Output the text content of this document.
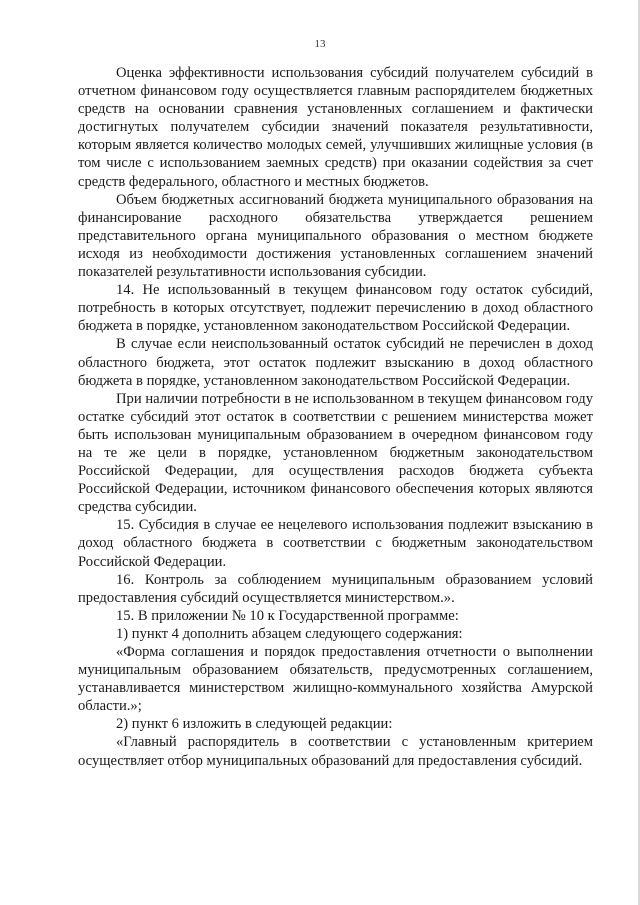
13

Оценка эффективности использования субсидий получателем субсидий в отчетном финансовом году осуществляется главным распорядителем бюджетных средств на основании сравнения установленных соглашением и фактически достигнутых получателем субсидии значений показателя результативности, которым является количество молодых семей, улучшивших жилищные условия (в том числе с использованием заемных средств) при оказании содействия за счет средств федерального, областного и местных бюджетов.

Объем бюджетных ассигнований бюджета муниципального образования на финансирование расходного обязательства утверждается решением представительного органа муниципального образования о местном бюджете исходя из необходимости достижения установленных соглашением значений показателей результативности использования субсидии.

14. Не использованный в текущем финансовом году остаток субсидий, потребность в которых отсутствует, подлежит перечислению в доход областного бюджета в порядке, установленном законодательством Российской Федерации.

В случае если неиспользованный остаток субсидий не перечислен в доход областного бюджета, этот остаток подлежит взысканию в доход областного бюджета в порядке, установленном законодательством Российской Федерации.

При наличии потребности в не использованном в текущем финансовом году остатке субсидий этот остаток в соответствии с решением министерства может быть использован муниципальным образованием в очередном финансовом году на те же цели в порядке, установленном бюджетным законодательством Российской Федерации, для осуществления расходов бюджета субъекта Российской Федерации, источником финансового обеспечения которых являются средства субсидии.

15. Субсидия в случае ее нецелевого использования подлежит взысканию в доход областного бюджета в соответствии с бюджетным законодательством Российской Федерации.

16. Контроль за соблюдением муниципальным образованием условий предоставления субсидий осуществляется министерством.».

15. В приложении № 10 к Государственной программе:

1) пункт 4 дополнить абзацем следующего содержания:

«Форма соглашения и порядок предоставления отчетности о выполнении муниципальным образованием обязательств, предусмотренных соглашением, устанавливается министерством жилищно-коммунального хозяйства Амурской области.»;

2) пункт 6 изложить в следующей редакции:

«Главный распорядитель в соответствии с установленным критерием осуществляет отбор муниципальных образований для предоставления субсидий.
